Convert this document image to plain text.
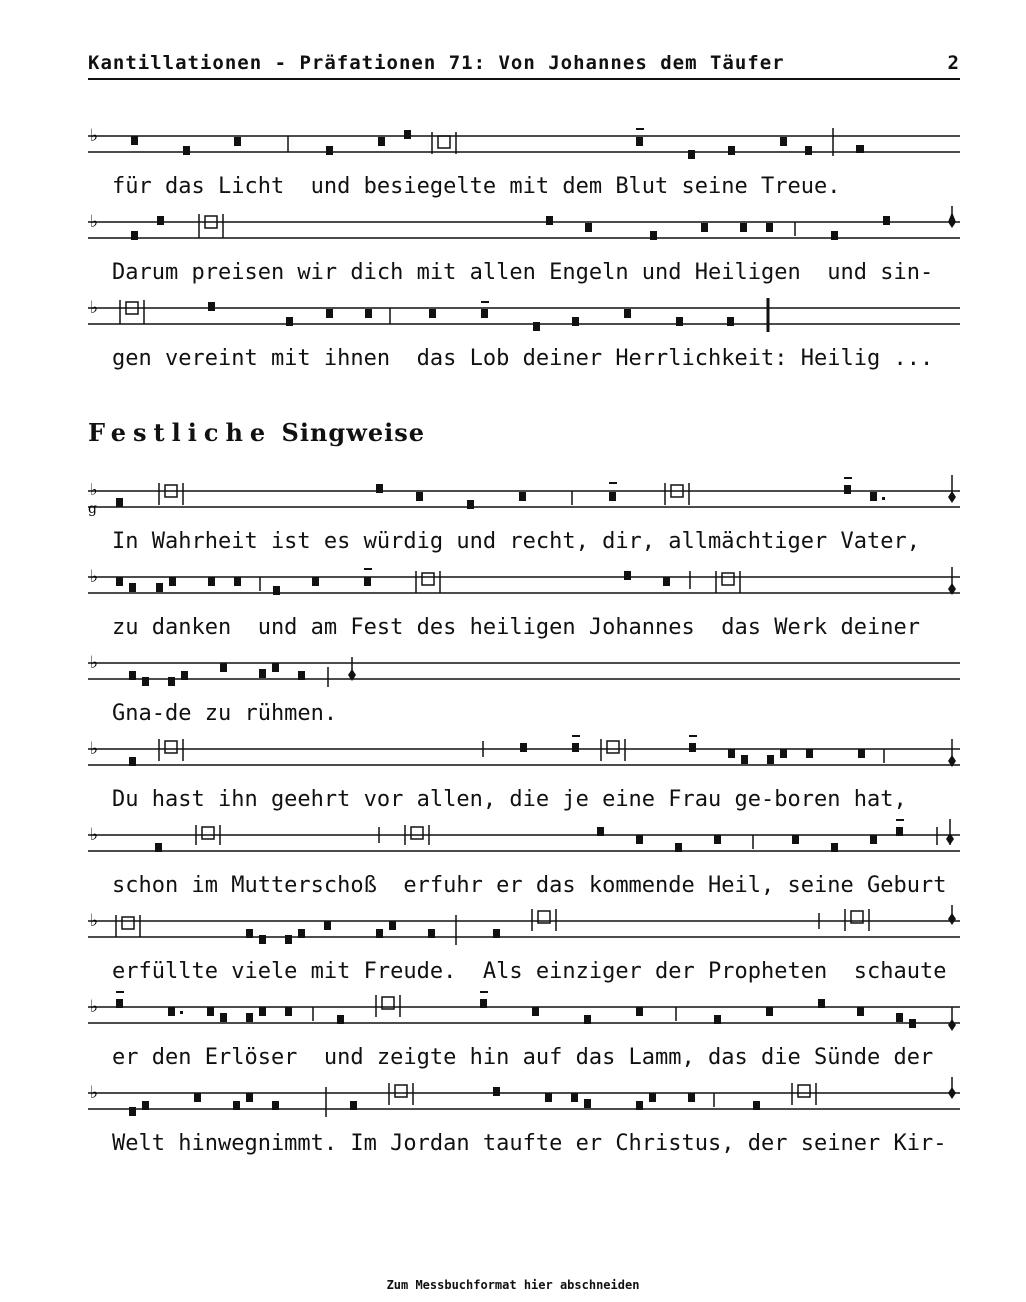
Kantillationen - Präfationen 71: Von Johannes dem Täufer	2
♭
für das Licht  und besiegelte mit dem Blut seine Treue.
♭
Darum preisen wir dich mit allen Engeln und Heiligen  und sin-
♭
gen vereint mit ihnen  das Lob deiner Herrlichkeit: Heilig ...
Festliche Singweise
♭
g
In Wahrheit ist es würdig und recht, dir, allmächtiger Vater,
♭
zu danken  und am Fest des heiligen Johannes  das Werk deiner
♭
Gna-de zu rühmen.
♭
Du hast ihn geehrt vor allen, die je eine Frau ge-boren hat,
♭
schon im Mutterschoß  erfuhr er das kommende Heil, seine Geburt
♭
erfüllte viele mit Freude.  Als einziger der Propheten  schaute
♭
er den Erlöser  und zeigte hin auf das Lamm, das die Sünde der
♭
Welt hinwegnimmt. Im Jordan taufte er Christus, der seiner Kir-
Zum Messbuchformat hier abschneiden
